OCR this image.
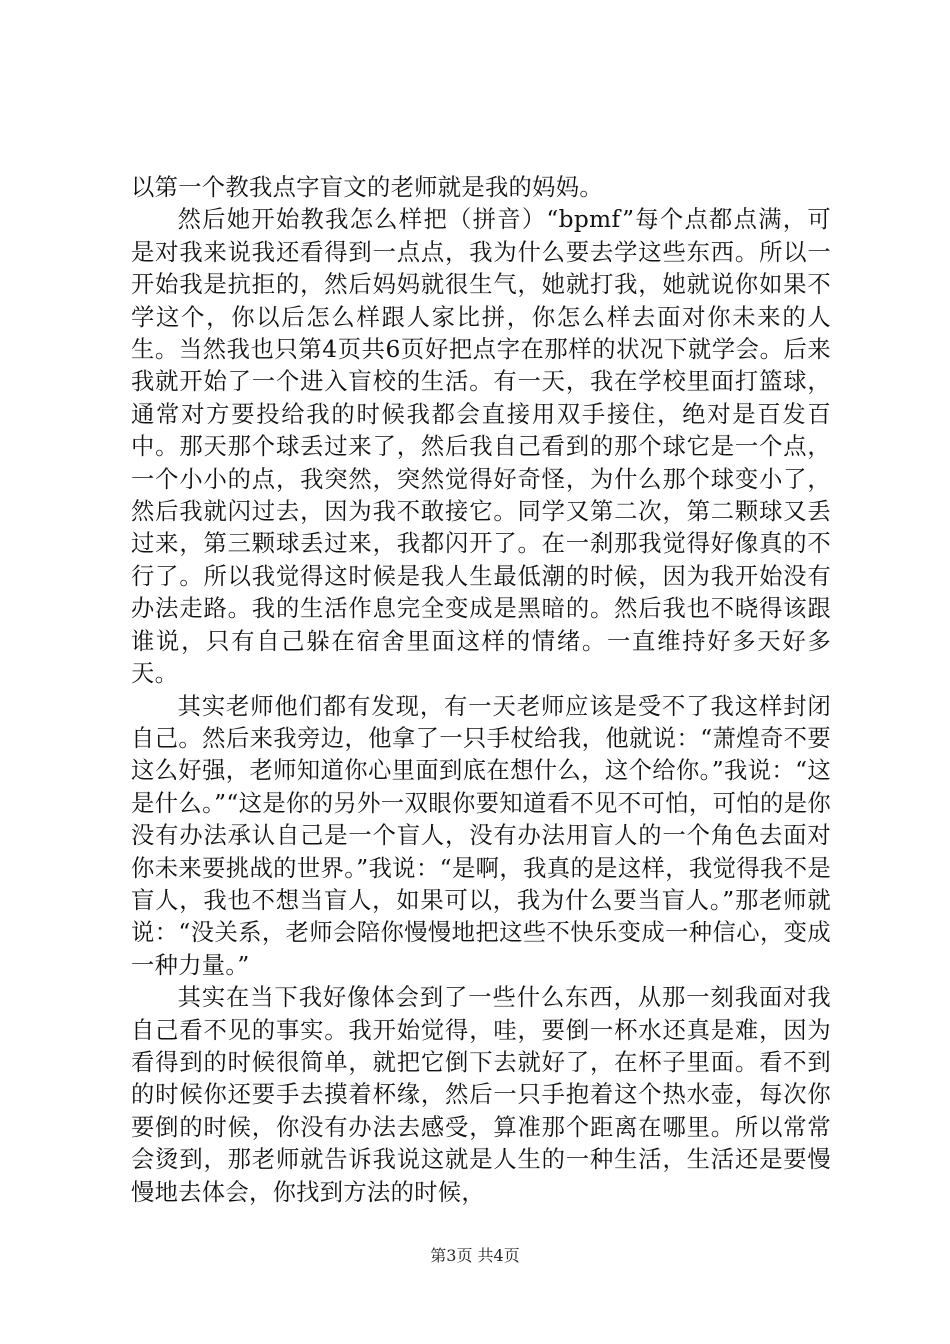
以第一个教我点字盲文的老师就是我的妈妈。

然后她开始教我怎么样把（拼音）“bpmf”每个点都点满，可是对我来说我还看得到一点点，我为什么要去学这些东西。所以一开始我是抗拒的，然后妈妈就很生气，她就打我，她就说你如果不学这个，你以后怎么样跟人家比拼，你怎么样去面对你未来的人生。当然我也只第4页共6页好把点字在那样的状况下就学会。后来我就开始了一个进入盲校的生活。有一天，我在学校里面打篮球，通常对方要投给我的时候我都会直接用双手接住，绝对是百发百中。那天那个球丢过来了，然后我自己看到的那个球它是一个点，一个小小的点，我突然，突然觉得好奇怪，为什么那个球变小了，然后我就闪过去，因为我不敢接它。同学又第二次，第二颗球又丢过来，第三颗球丢过来，我都闪开了。在一刹那我觉得好像真的不行了。所以我觉得这时候是我人生最低潮的时候，因为我开始没有办法走路。我的生活作息完全变成是黑暗的。然后我也不晓得该跟谁说，只有自己躲在宿舍里面这样的情绪。一直维持好多天好多天。

其实老师他们都有发现，有一天老师应该是受不了我这样封闭自己。然后来我旁边，他拿了一只手杖给我，他就说：“萧煌奇不要这么好强，老师知道你心里面到底在想什么，这个给你。”我说：“这是什么。”“这是你的另外一双眼你要知道看不见不可怕，可怕的是你没有办法承认自己是一个盲人，没有办法用盲人的一个角色去面对你未来要挑战的世界。”我说：“是啊，我真的是这样，我觉得我不是盲人，我也不想当盲人，如果可以，我为什么要当盲人。”那老师就说：“没关系，老师会陪你慢慢地把这些不快乐变成一种信心，变成一种力量。”

其实在当下我好像体会到了一些什么东西，从那一刻我面对我自己看不见的事实。我开始觉得，哇，要倒一杯水还真是难，因为看得到的时候很简单，就把它倒下去就好了，在杯子里面。看不到的时候你还要手去摸着杯缘，然后一只手抱着这个热水壶，每次你要倒的时候，你没有办法去感受，算准那个距离在哪里。所以常常会烫到，那老师就告诉我说这就是人生的一种生活，生活还是要慢慢地去体会，你找到方法的时候，

第3页 共4页
